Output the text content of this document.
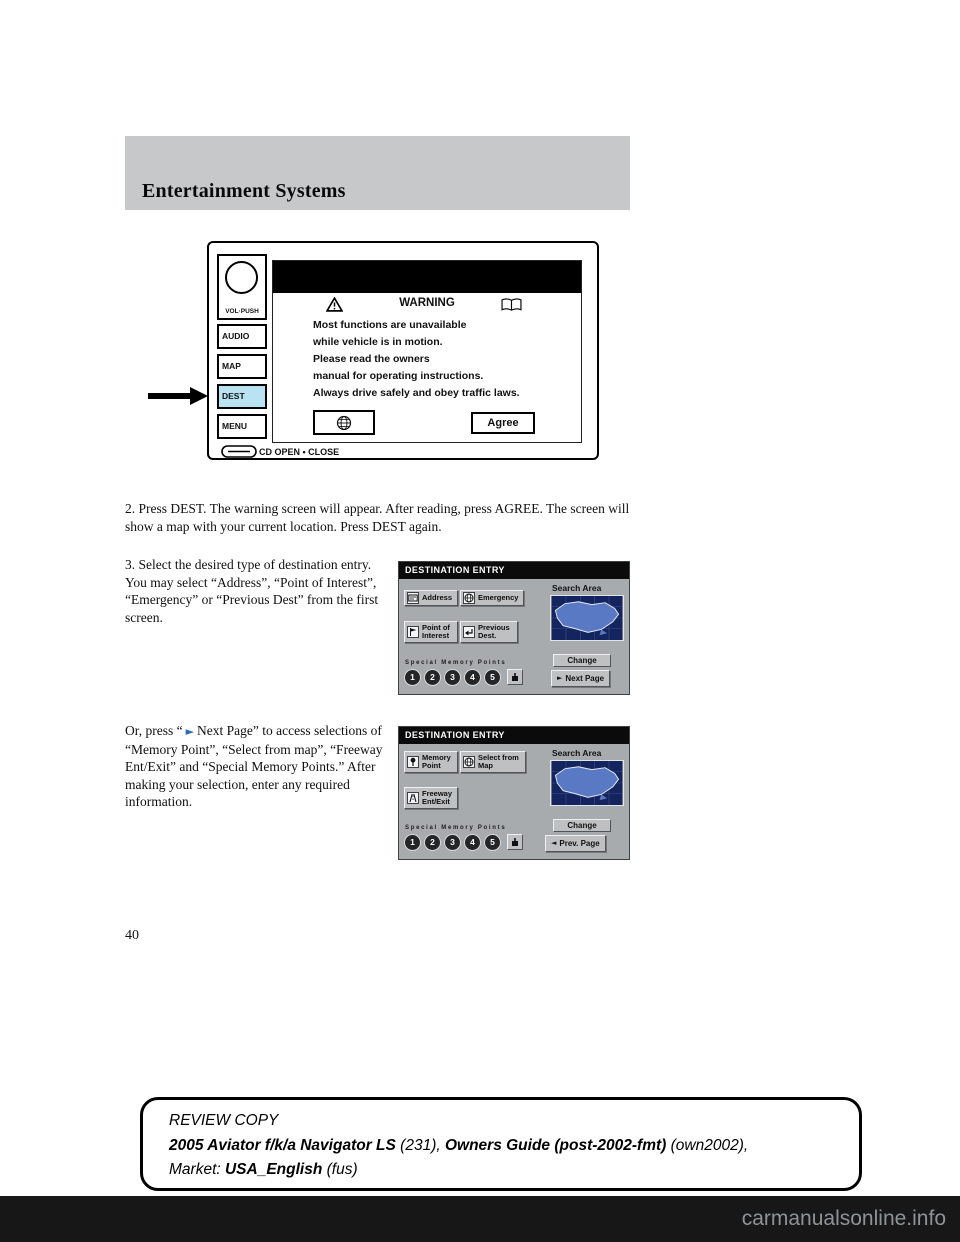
Entertainment Systems
VOL·PUSH
AUDIO
MAP
DEST
MENU
WARNING
Most functions are unavailable
while vehicle is in motion.
Please read the owners
manual for operating instructions.
Always drive safely and obey traffic laws.
Agree
CD OPEN • CLOSE

2. Press DEST. The warning screen will appear. After reading, press AGREE. The screen will show a map with your current location. Press DEST again.

3. Select the desired type of destination entry. You may select “Address”, “Point of Interest”, “Emergency” or “Previous Dest” from the first screen.

Or, press “ ► Next Page” to access selections of “Memory Point”, “Select from map”, “Freeway Ent/Exit” and “Special Memory Points.” After making your selection, enter any required information.

DESTINATION ENTRY
Address	Emergency
Point of
Interest
Previous
Dest.
Search Area
Change
Special Memory Points
1	2	3	4	5	► Next Page
DESTINATION ENTRY
Memory
Point
Select from
Map
Freeway
Ent/Exit
Search Area
Change
Special Memory Points
1	2	3	4	5	◄ Prev. Page
40
REVIEW COPY
2005 Aviator f/k/a Navigator LS (231), Owners Guide (post-2002-fmt) (own2002),
Market: USA_English (fus)
carmanualsonline.info
